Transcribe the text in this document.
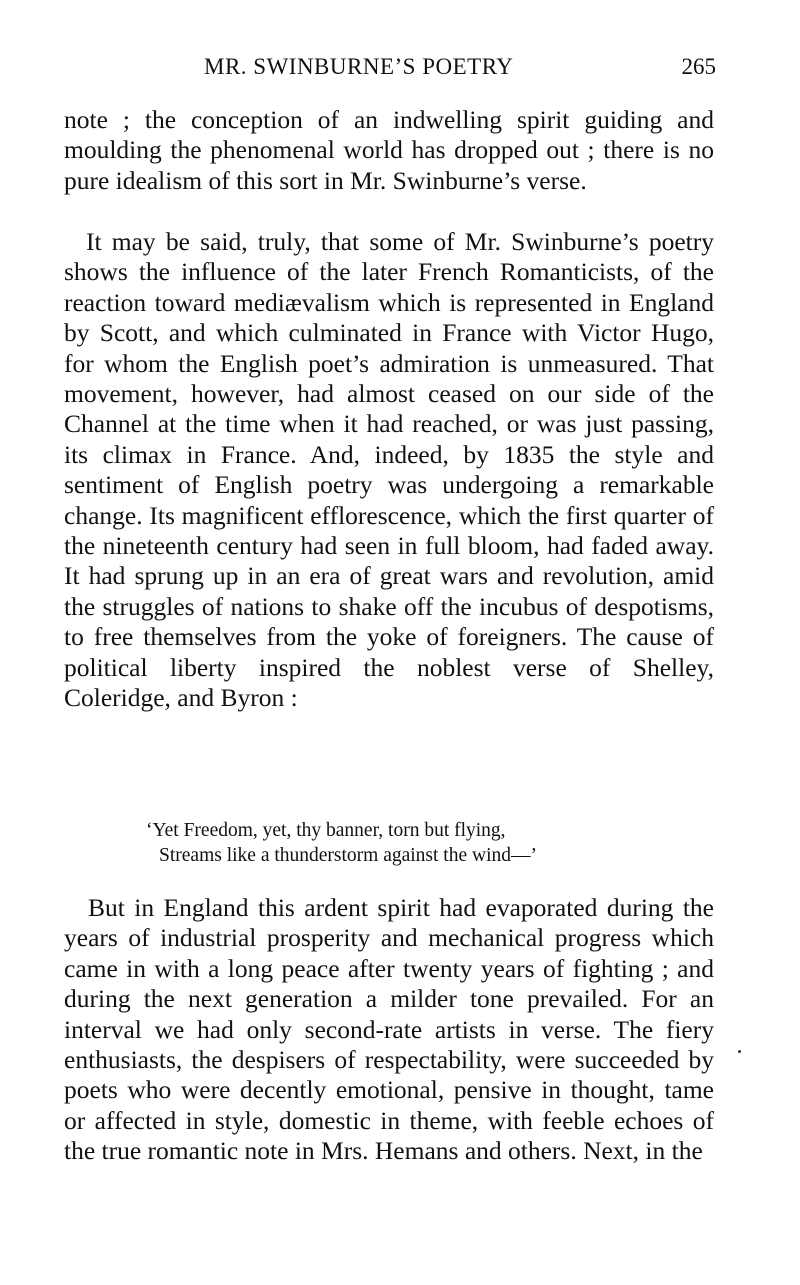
MR. SWINBURNE’S POETRY	265

note ; the conception of an indwelling spirit guiding and moulding the phenomenal world has dropped out ; there is no pure idealism of this sort in Mr. Swinburne’s verse.

It may be said, truly, that some of Mr. Swinburne’s poetry shows the influence of the later French Romanticists, of the reaction toward mediævalism which is represented in England by Scott, and which culminated in France with Victor Hugo, for whom the English poet’s admiration is unmeasured. That movement, however, had almost ceased on our side of the Channel at the time when it had reached, or was just passing, its climax in France. And, indeed, by 1835 the style and sentiment of English poetry was undergoing a remarkable change. Its magnificent efflorescence, which the first quarter of the nineteenth century had seen in full bloom, had faded away. It had sprung up in an era of great wars and revolution, amid the struggles of nations to shake off the incubus of despotisms, to free themselves from the yoke of foreigners. The cause of political liberty inspired the noblest verse of Shelley, Coleridge, and Byron :

‘Yet Freedom, yet, thy banner, torn but flying,
Streams like a thunderstorm against the wind—’

But in England this ardent spirit had evaporated during the years of industrial prosperity and mechanical progress which came in with a long peace after twenty years of fighting ; and during the next generation a milder tone prevailed. For an interval we had only second-rate artists in verse. The fiery enthusiasts, the despisers of respectability, were succeeded by poets who were decently emotional, pensive in thought, tame or affected in style, domestic in theme, with feeble echoes of the true romantic note in Mrs. Hemans and others. Next, in the
